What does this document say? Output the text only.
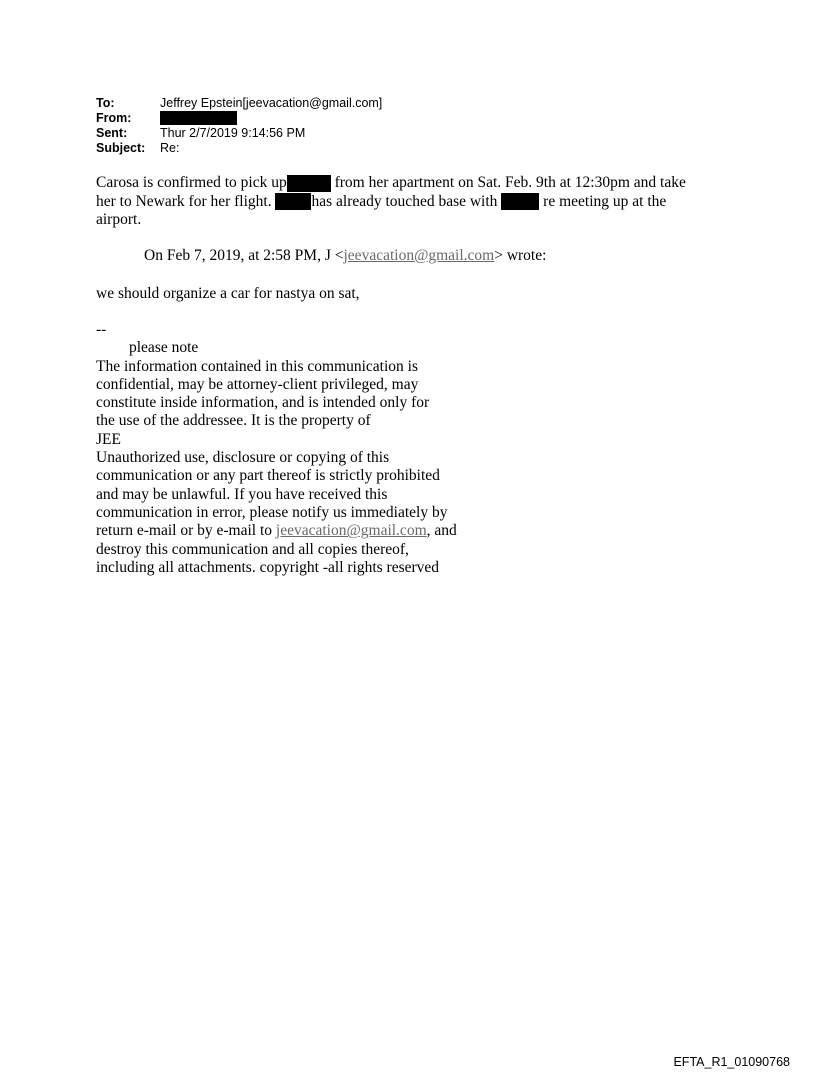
To:	Jeffrey Epstein[jeevacation@gmail.com]
From:
Sent:	Thur 2/7/2019 9:14:56 PM
Subject:	Re:
Carosa is confirmed to pick up	from her apartment on Sat. Feb. 9th at 12:30pm and take
her to Newark for her flight. has already touched base with  re meeting up at the
airport.
On Feb 7, 2019, at 2:58 PM, J <jeevacation@gmail.com> wrote:
we should organize a car for nastya on sat,
--
please note
The information contained in this communication is
confidential, may be attorney-client privileged, may
constitute inside information, and is intended only for
the use of the addressee. It is the property of
JEE
Unauthorized use, disclosure or copying of this
communication or any part thereof is strictly prohibited
and may be unlawful. If you have received this
communication in error, please notify us immediately by
return e-mail or by e-mail to jeevacation@gmail.com, and
destroy this communication and all copies thereof,
including all attachments. copyright -all rights reserved
EFTA_R1_01090768
